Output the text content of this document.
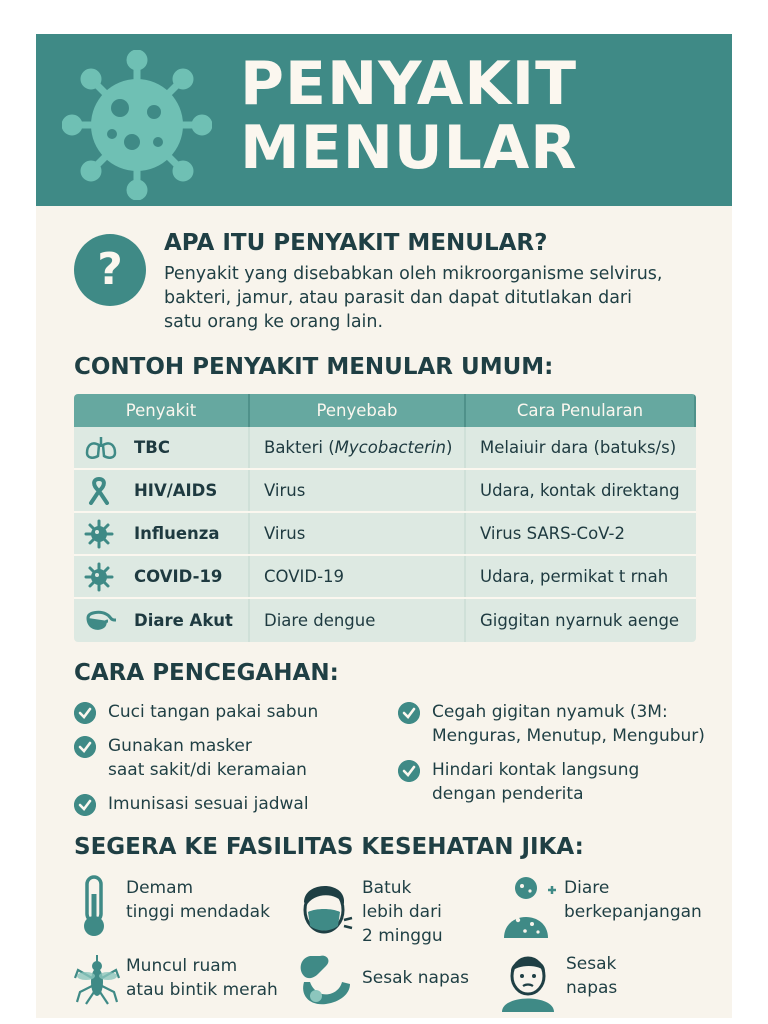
PENYAKIT
MENULAR
?
APA ITU PENYAKIT MENULAR?
Penyakit yang disebabkan oleh mikroorganisme selvirus,
bakteri, jamur, atau parasit dan dapat ditutlakan dari
satu orang ke orang lain.
CONTOH PENYAKIT MENULAR UMUM:
Penyakit	Penyebab	Cara Penularan
TBC	Bakteri ( Mycobacterin )	Melaiuir dara (batuks/s)
HIV/AIDS	Virus	Udara, kontak direktang
Influenza	Virus	Virus SARS-CoV-2
COVID-19	COVID-19	Udara, permikat t rnah
Diare Akut	Diare dengue	Giggitan nyarnuk aenge
CARA PENCEGAHAN:
Cuci tangan pakai sabun
Gunakan masker
saat sakit/di keramaian
Imunisasi sesuai jadwal
Cegah gigitan nyamuk (3M:
Menguras, Menutup, Mengubur)
Hindari kontak langsung
dengan penderita
SEGERA KE FASILITAS KESEHATAN JIKA:
Demam
tinggi mendadak
Batuk
lebih dari
2 minggu
Diare
berkepanjangan
Muncul ruam
atau bintik merah
Sesak napas
Sesak
napas
